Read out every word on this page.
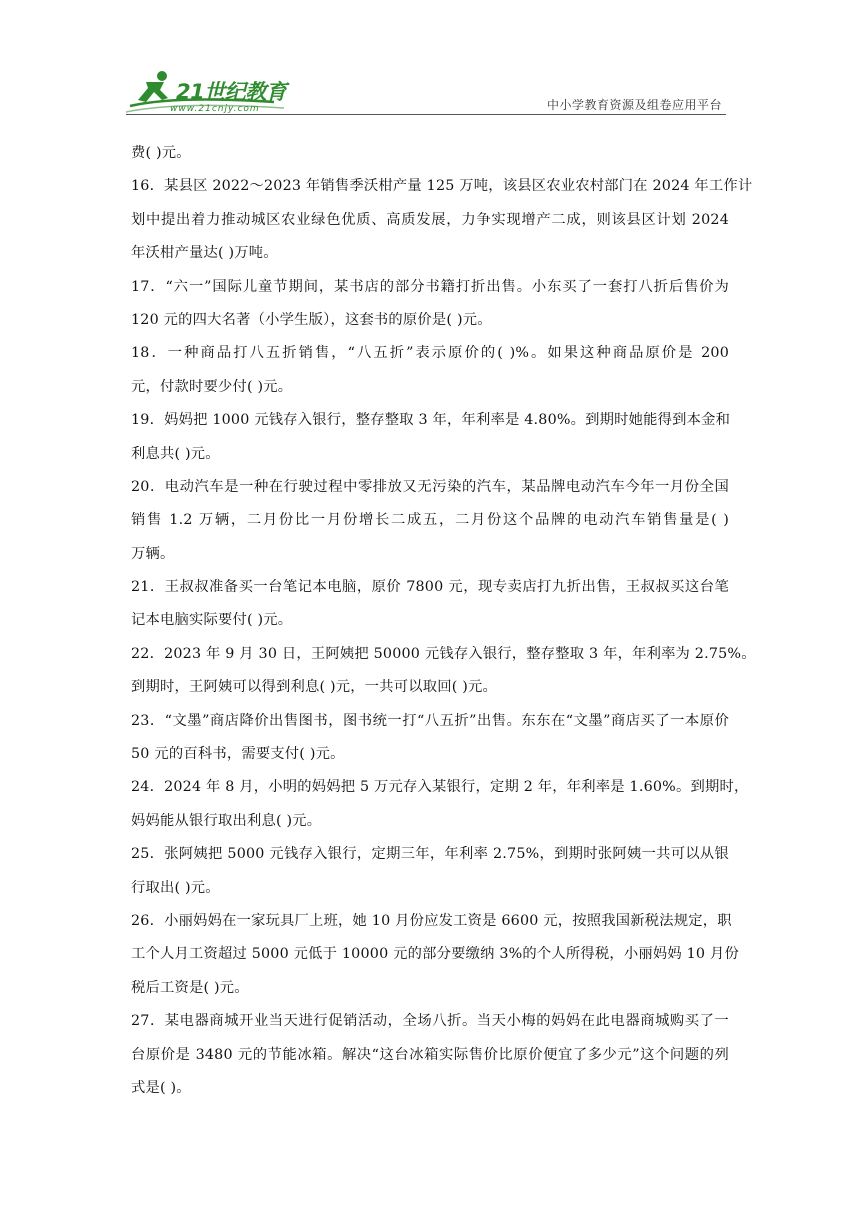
21世纪教育
www.21cnjy.com	中小学教育资源及组卷应用平台
费( )元。
16．某县区 2022～2023 年销售季沃柑产量 125 万吨，该县区农业农村部门在 2024 年工作计
划中提出着力推动城区农业绿色优质、高质发展，力争实现增产二成，则该县区计划 2024
年沃柑产量达( )万吨。
17．“六一”国际儿童节期间，某书店的部分书籍打折出售。小东买了一套打八折后售价为
120 元的四大名著（小学生版），这套书的原价是( )元。
18．一种商品打八五折销售，“八五折”表示原价的( )%。如果这种商品原价是 200
元，付款时要少付( )元。
19．妈妈把 1000 元钱存入银行，整存整取 3 年，年利率是 4.80%。到期时她能得到本金和
利息共( )元。
20．电动汽车是一种在行驶过程中零排放又无污染的汽车，某品牌电动汽车今年一月份全国
销售 1.2 万辆，二月份比一月份增长二成五，二月份这个品牌的电动汽车销售量是( )
万辆。
21．王叔叔准备买一台笔记本电脑，原价 7800 元，现专卖店打九折出售，王叔叔买这台笔
记本电脑实际要付( )元。
22．2023 年 9 月 30 日，王阿姨把 50000 元钱存入银行，整存整取 3 年，年利率为 2.75%。
到期时，王阿姨可以得到利息( )元，一共可以取回( )元。
23．“文墨”商店降价出售图书，图书统一打“八五折”出售。东东在“文墨”商店买了一本原价
50 元的百科书，需要支付( )元。
24．2024 年 8 月，小明的妈妈把 5 万元存入某银行，定期 2 年，年利率是 1.60%。到期时，
妈妈能从银行取出利息( )元。
25．张阿姨把 5000 元钱存入银行，定期三年，年利率 2.75%，到期时张阿姨一共可以从银
行取出( )元。
26．小丽妈妈在一家玩具厂上班，她 10 月份应发工资是 6600 元，按照我国新税法规定，职
工个人月工资超过 5000 元低于 10000 元的部分要缴纳 3%的个人所得税，小丽妈妈 10 月份
税后工资是( )元。
27．某电器商城开业当天进行促销活动，全场八折。当天小梅的妈妈在此电器商城购买了一
台原价是 3480 元的节能冰箱。解决“这台冰箱实际售价比原价便宜了多少元”这个问题的列
式是( )。
